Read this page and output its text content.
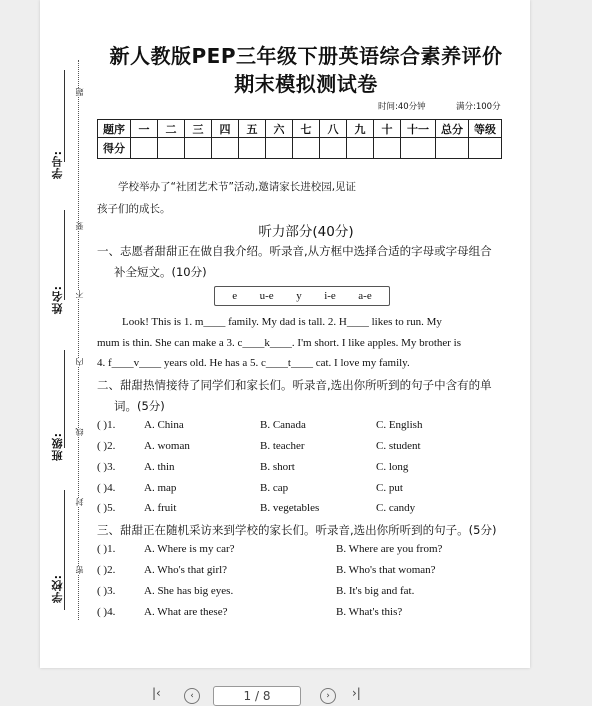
学号:
姓名:
班级:
学校:
题
要
不
内
线
封
密
新人教版PEP三年级下册英语综合素养评价
期末模拟测试卷
时间:40分钟	满分:100分
题序	一	二	三	四	五	六	七	八	九	十	十一	总分	等级
得分													
学校举办了“社团艺术节”活动,邀请家长进校园,见证
孩子们的成长。
听力部分(40分)
一、志愿者甜甜正在做自我介绍。听录音,从方框中选择合适的字母或字母组合
补全短文。(10分)
e u-e y i-e a-e
Look! This is 1. m____ family. My dad is tall. 2. H____ likes to run. My
mum is thin. She can make a 3. c____k____. I'm short. I like apples. My brother is
4. f____v____ years old. He has a 5. c____t____ cat. I love my family.
二、甜甜热情接待了同学们和家长们。听录音,选出你所听到的句子中含有的单
词。(5分)
( )1.	A. China	B. Canada	C. English
( )2.	A. woman	B. teacher	C. student
( )3.	A. thin	B. short	C. long
( )4.	A. map	B. cap	C. put
( )5.	A. fruit	B. vegetables	C. candy
三、甜甜正在随机采访来到学校的家长们。听录音,选出你所听到的句子。(5分)
( )1.	A. Where is my car?	B. Where are you from?
( )2.	A. Who's that girl?	B. Who's that woman?
( )3.	A. She has big eyes.	B. It's big and fat.
( )4.	A. What are these?	B. What's this?
|‹	‹	1 / 8	›	›|
